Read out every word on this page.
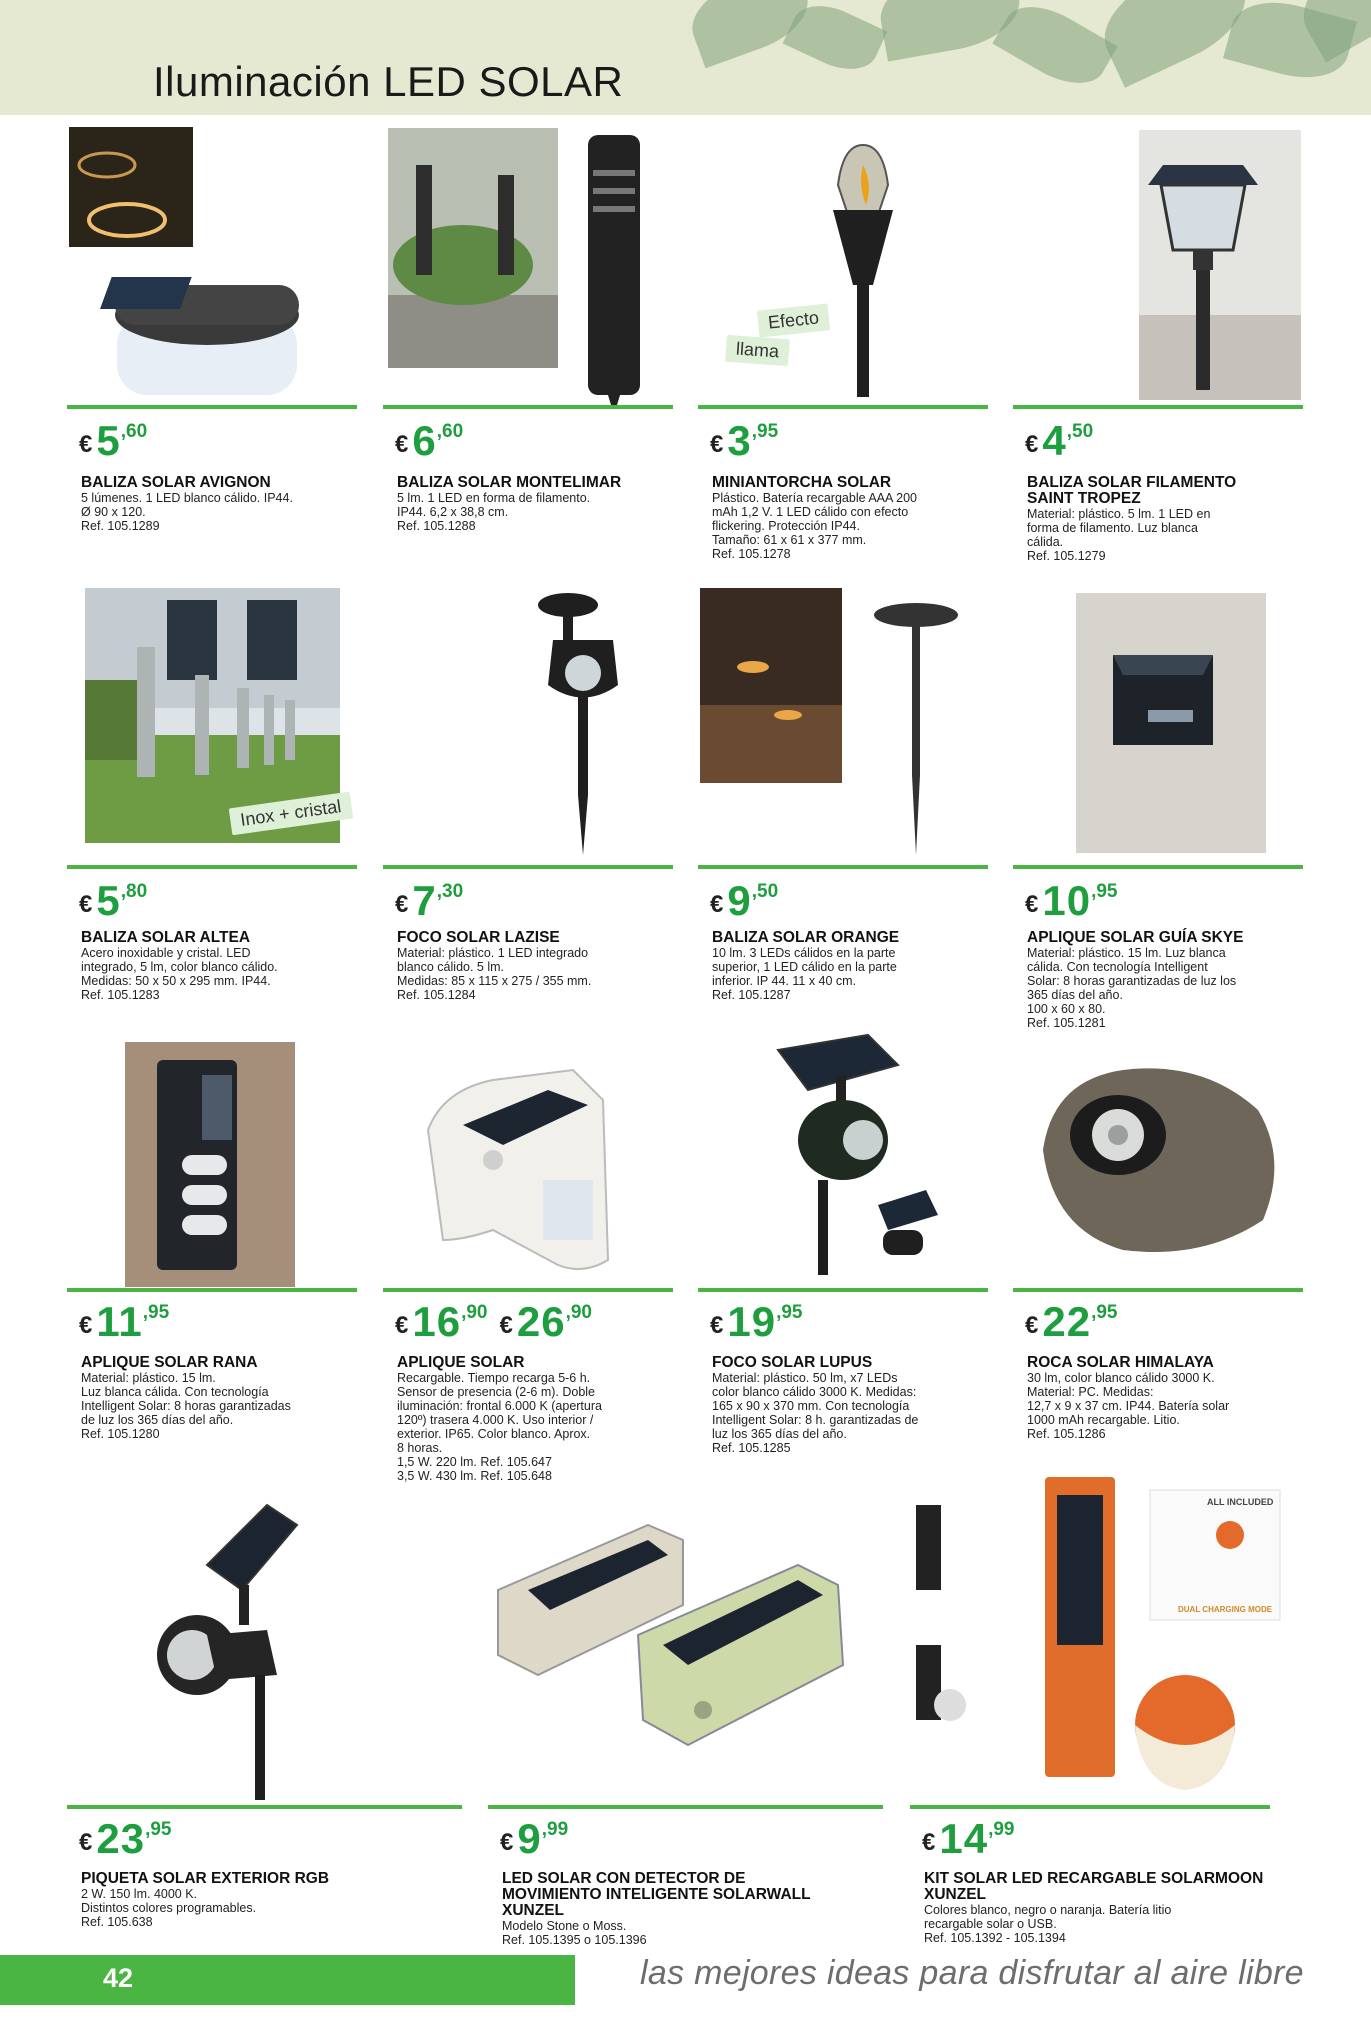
Iluminación LED SOLAR
€5,60
BALIZA SOLAR AVIGNON
5 lúmenes. 1 LED blanco cálido. IP44.
Ø 90 x 120.
Ref. 105.1289
€6,60
BALIZA SOLAR MONTELIMAR
5 lm. 1 LED en forma de filamento.
IP44. 6,2 x 38,8 cm.
Ref. 105.1288
Efecto
llama
€3,95
MINIANTORCHA SOLAR
Plástico. Batería recargable AAA 200
mAh 1,2 V. 1 LED cálido con efecto
flickering. Protección IP44.
Tamaño: 61 x 61 x 377 mm.
Ref. 105.1278
€4,50
BALIZA SOLAR FILAMENTO
SAINT TROPEZ
Material: plástico. 5 lm. 1 LED en
forma de filamento. Luz blanca
cálida.
Ref. 105.1279
Inox + cristal
€5,80
BALIZA SOLAR ALTEA
Acero inoxidable y cristal. LED
integrado, 5 lm, color blanco cálido.
Medidas: 50 x 50 x 295 mm. IP44.
Ref. 105.1283
€7,30
FOCO SOLAR LAZISE
Material: plástico. 1 LED integrado
blanco cálido. 5 lm.
Medidas: 85 x 115 x 275 / 355 mm.
Ref. 105.1284
€9,50
BALIZA SOLAR ORANGE
10 lm. 3 LEDs cálidos en la parte
superior, 1 LED cálido en la parte
inferior. IP 44. 11 x 40 cm.
Ref. 105.1287
€10,95
APLIQUE SOLAR GUÍA SKYE
Material: plástico. 15 lm. Luz blanca
cálida. Con tecnología Intelligent
Solar: 8 horas garantizadas de luz los
365 días del año.
100 x 60 x 80.
Ref. 105.1281
€11,95
APLIQUE SOLAR RANA
Material: plástico. 15 lm.
Luz blanca cálida. Con tecnología
Intelligent Solar: 8 horas garantizadas
de luz los 365 días del año.
Ref. 105.1280
€16,90 €26,90
APLIQUE SOLAR
Recargable. Tiempo recarga 5-6 h.
Sensor de presencia (2-6 m). Doble
iluminación: frontal 6.000 K (apertura
120º) trasera 4.000 K. Uso interior /
exterior. IP65. Color blanco. Aprox.
8 horas.
1,5 W. 220 lm. Ref. 105.647
3,5 W. 430 lm. Ref. 105.648
€19,95
FOCO SOLAR LUPUS
Material: plástico. 50 lm, x7 LEDs
color blanco cálido 3000 K. Medidas:
165 x 90 x 370 mm. Con tecnología
Intelligent Solar: 8 h. garantizadas de
luz los 365 días del año.
Ref. 105.1285
€22,95
ROCA SOLAR HIMALAYA
30 lm, color blanco cálido 3000 K.
Material: PC. Medidas:
12,7 x 9 x 37 cm. IP44. Batería solar
1000 mAh recargable. Litio.
Ref. 105.1286
€23,95
PIQUETA SOLAR EXTERIOR RGB
2 W. 150 lm. 4000 K.
Distintos colores programables.
Ref. 105.638
€9,99
LED SOLAR CON DETECTOR DE
MOVIMIENTO INTELIGENTE SOLARWALL
XUNZEL
Modelo Stone o Moss.
Ref. 105.1395 o 105.1396
ALL INCLUDED
DUAL CHARGING MODE
€14,99
KIT SOLAR LED RECARGABLE SOLARMOON
XUNZEL
Colores blanco, negro o naranja. Batería litio
recargable solar o USB.
Ref. 105.1392 - 105.1394
42	las mejores ideas para disfrutar al aire libre
